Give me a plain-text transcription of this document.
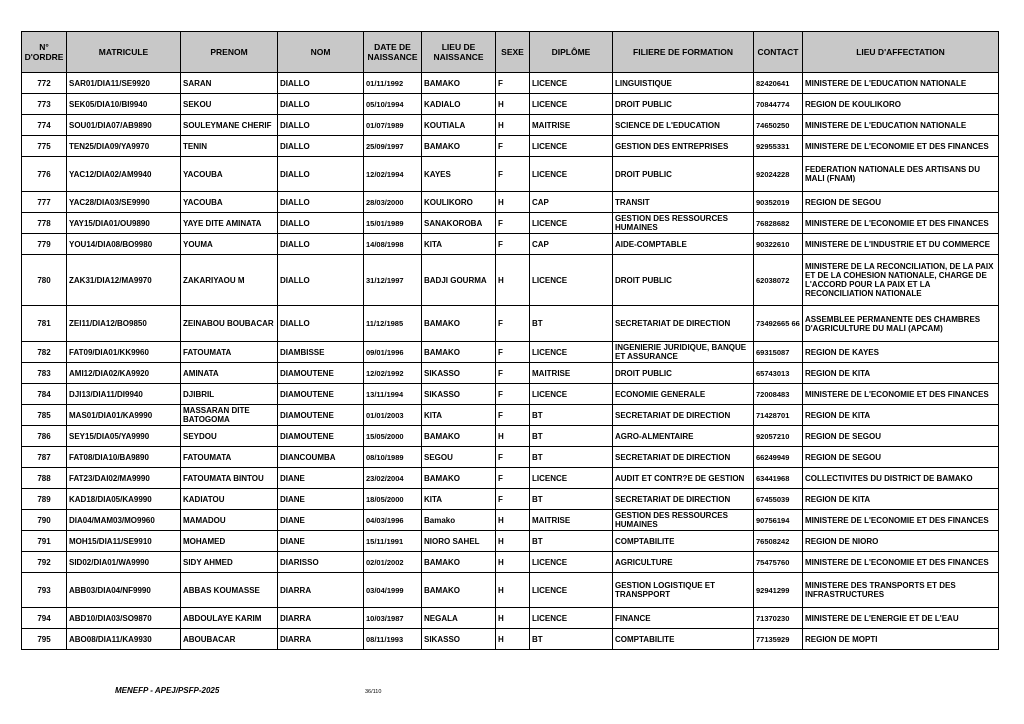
N° D'ORDRE	MATRICULE	PRENOM	NOM	DATE DE NAISSANCE	LIEU DE NAISSANCE	SEXE	DIPLÔME	FILIERE DE FORMATION	CONTACT	LIEU D'AFFECTATION
772	SAR01/DIA11/SE9920	SARAN	DIALLO	01/11/1992	BAMAKO	F	LICENCE	LINGUISTIQUE	82420641	MINISTERE DE L'EDUCATION NATIONALE
773	SEK05/DIA10/BI9940	SEKOU	DIALLO	05/10/1994	KADIALO	H	LICENCE	DROIT PUBLIC	70844774	REGION DE KOULIKORO
774	SOU01/DIA07/AB9890	SOULEYMANE CHERIF	DIALLO	01/07/1989	KOUTIALA	H	MAITRISE	SCIENCE DE L'EDUCATION	74650250	MINISTERE DE L'EDUCATION NATIONALE
775	TEN25/DIA09/YA9970	TENIN	DIALLO	25/09/1997	BAMAKO	F	LICENCE	GESTION DES ENTREPRISES	92955331	MINISTERE DE L'ECONOMIE ET DES FINANCES
776	YAC12/DIA02/AM9940	YACOUBA	DIALLO	12/02/1994	KAYES	F	LICENCE	DROIT PUBLIC	92024228	FEDERATION NATIONALE DES ARTISANS DU MALI (FNAM)
777	YAC28/DIA03/SE9990	YACOUBA	DIALLO	28/03/2000	KOULIKORO	H	CAP	TRANSIT	90352019	REGION DE SEGOU
778	YAY15/DIA01/OU9890	YAYE DITE AMINATA	DIALLO	15/01/1989	SANAKOROBA	F	LICENCE	GESTION DES RESSOURCES HUMAINES	76828682	MINISTERE DE L'ECONOMIE ET DES FINANCES
779	YOU14/DIA08/BO9980	YOUMA	DIALLO	14/08/1998	KITA	F	CAP	AIDE-COMPTABLE	90322610	MINISTERE DE L'INDUSTRIE ET DU COMMERCE
780	ZAK31/DIA12/MA9970	ZAKARIYAOU M	DIALLO	31/12/1997	BADJI GOURMA	H	LICENCE	DROIT PUBLIC	62038072	MINISTERE DE LA RECONCILIATION, DE LA PAIX ET DE LA COHESION NATIONALE, CHARGE DE L'ACCORD POUR LA PAIX ET LA RECONCILIATION NATIONALE
781	ZEI11/DIA12/BO9850	ZEINABOU BOUBACAR	DIALLO	11/12/1985	BAMAKO	F	BT	SECRETARIAT DE DIRECTION	73492665 66	ASSEMBLEE PERMANENTE DES CHAMBRES D'AGRICULTURE DU MALI (APCAM)
782	FAT09/DIA01/KK9960	FATOUMATA	DIAMBISSE	09/01/1996	BAMAKO	F	LICENCE	INGENIERIE JURIDIQUE, BANQUE ET ASSURANCE	69315087	REGION DE KAYES
783	AMI12/DIA02/KA9920	AMINATA	DIAMOUTENE	12/02/1992	SIKASSO	F	MAITRISE	DROIT PUBLIC	65743013	REGION DE KITA
784	DJI13/DIA11/DI9940	DJIBRIL	DIAMOUTENE	13/11/1994	SIKASSO	F	LICENCE	ECONOMIE GENERALE	72008483	MINISTERE DE L'ECONOMIE ET DES FINANCES
785	MAS01/DIA01/KA9990	MASSARAN DITE BATOGOMA	DIAMOUTENE	01/01/2003	KITA	F	BT	SECRETARIAT DE DIRECTION	71428701	REGION DE KITA
786	SEY15/DIA05/YA9990	SEYDOU	DIAMOUTENE	15/05/2000	BAMAKO	H	BT	AGRO-ALMENTAIRE	92057210	REGION DE SEGOU
787	FAT08/DIA10/BA9890	FATOUMATA	DIANCOUMBA	08/10/1989	SEGOU	F	BT	SECRETARIAT DE DIRECTION	66249949	REGION DE SEGOU
788	FAT23/DAI02/MA9990	FATOUMATA BINTOU	DIANE	23/02/2004	BAMAKO	F	LICENCE	AUDIT ET CONTR?E DE GESTION	63441968	COLLECTIVITES DU DISTRICT DE BAMAKO
789	KAD18/DIA05/KA9990	KADIATOU	DIANE	18/05/2000	KITA	F	BT	SECRETARIAT DE DIRECTION	67455039	REGION DE KITA
790	DIA04/MAM03/MO9960	MAMADOU	DIANE	04/03/1996	Bamako	H	MAITRISE	GESTION DES RESSOURCES HUMAINES	90756194	MINISTERE DE L'ECONOMIE ET DES FINANCES
791	MOH15/DIA11/SE9910	MOHAMED	DIANE	15/11/1991	NIORO SAHEL	H	BT	COMPTABILITE	76508242	REGION DE NIORO
792	SID02/DIA01/WA9990	SIDY AHMED	DIARISSO	02/01/2002	BAMAKO	H	LICENCE	AGRICULTURE	75475760	MINISTERE DE L'ECONOMIE ET DES FINANCES
793	ABB03/DIA04/NF9990	ABBAS KOUMASSE	DIARRA	03/04/1999	BAMAKO	H	LICENCE	GESTION LOGISTIQUE ET TRANSPPORT	92941299	MINISTERE DES TRANSPORTS ET DES INFRASTRUCTURES
794	ABD10/DIA03/SO9870	ABDOULAYE KARIM	DIARRA	10/03/1987	NEGALA	H	LICENCE	FINANCE	71370230	MINISTERE DE L'ENERGIE ET DE L'EAU
795	ABO08/DIA11/KA9930	ABOUBACAR	DIARRA	08/11/1993	SIKASSO	H	BT	COMPTABILITE	77135929	REGION DE MOPTI
MENEFP - APEJ/PSFP-2025	36/110
